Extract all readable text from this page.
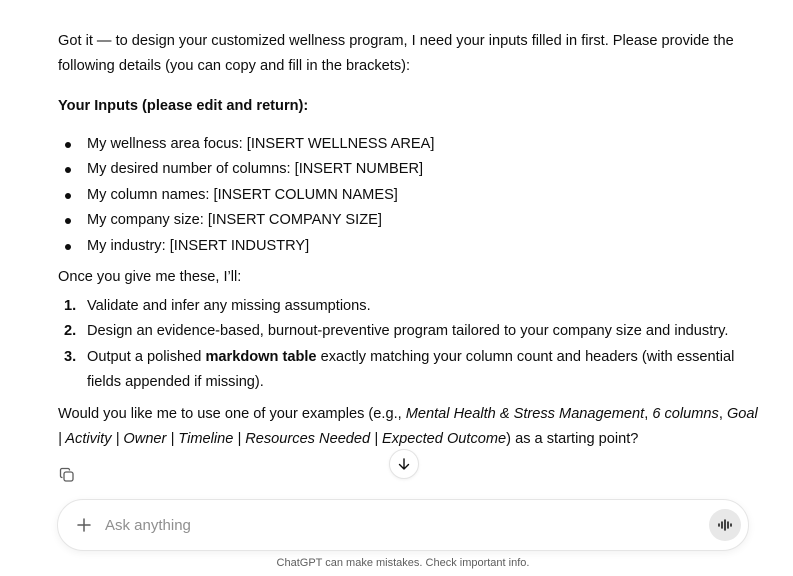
Got it — to design your customized wellness program, I need your inputs filled in first. Please provide the following details (you can copy and fill in the brackets):

Your Inputs (please edit and return):

My wellness area focus: [INSERT WELLNESS AREA]
My desired number of columns: [INSERT NUMBER]
My column names: [INSERT COLUMN NAMES]
My company size: [INSERT COMPANY SIZE]
My industry: [INSERT INDUSTRY]

Once you give me these, I’ll:

1. Validate and infer any missing assumptions.
2. Design an evidence-based, burnout-preventive program tailored to your company size and industry.
3. Output a polished markdown table exactly matching your column count and headers (with essential fields appended if missing).

Would you like me to use one of your examples (e.g., Mental Health & Stress Management, 6 columns, Goal | Activity | Owner | Timeline | Resources Needed | Expected Outcome) as a starting point?

Ask anything
ChatGPT can make mistakes. Check important info.
